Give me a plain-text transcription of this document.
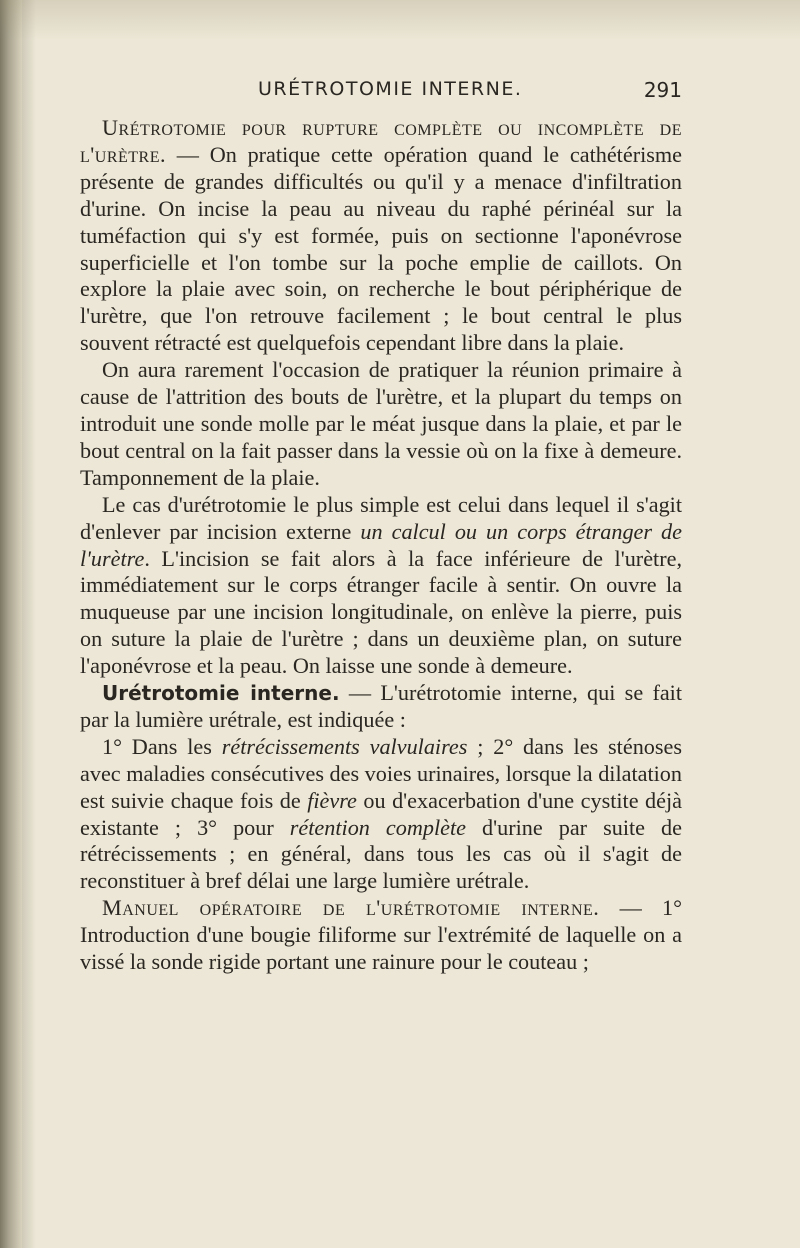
URÉTROTOMIE INTERNE.	291

Urétrotomie pour rupture complète ou incomplète de l'urètre. — On pratique cette opération quand le cathétérisme présente de grandes difficultés ou qu'il y a menace d'infiltration d'urine. On incise la peau au niveau du raphé périnéal sur la tuméfaction qui s'y est formée, puis on sectionne l'aponévrose superficielle et l'on tombe sur la poche emplie de caillots. On explore la plaie avec soin, on recherche le bout périphérique de l'urètre, que l'on retrouve facilement ; le bout central le plus souvent rétracté est quelquefois cependant libre dans la plaie.

On aura rarement l'occasion de pratiquer la réunion primaire à cause de l'attrition des bouts de l'urètre, et la plupart du temps on introduit une sonde molle par le méat jusque dans la plaie, et par le bout central on la fait passer dans la vessie où on la fixe à demeure. Tamponnement de la plaie.

Le cas d'urétrotomie le plus simple est celui dans lequel il s'agit d'enlever par incision externe un calcul ou un corps étranger de l'urètre. L'incision se fait alors à la face inférieure de l'urètre, immédiatement sur le corps étranger facile à sentir. On ouvre la muqueuse par une incision longitudinale, on enlève la pierre, puis on suture la plaie de l'urètre ; dans un deuxième plan, on suture l'aponévrose et la peau. On laisse une sonde à demeure.

Urétrotomie interne. — L'urétrotomie interne, qui se fait par la lumière urétrale, est indiquée :

1° Dans les rétrécissements valvulaires ; 2° dans les sténoses avec maladies consécutives des voies urinaires, lorsque la dilatation est suivie chaque fois de fièvre ou d'exacerbation d'une cystite déjà existante ; 3° pour rétention complète d'urine par suite de rétrécissements ; en général, dans tous les cas où il s'agit de reconstituer à bref délai une large lumière urétrale.

Manuel opératoire de l'urétrotomie interne. — 1° Introduction d'une bougie filiforme sur l'extrémité de laquelle on a vissé la sonde rigide portant une rainure pour le couteau ;
